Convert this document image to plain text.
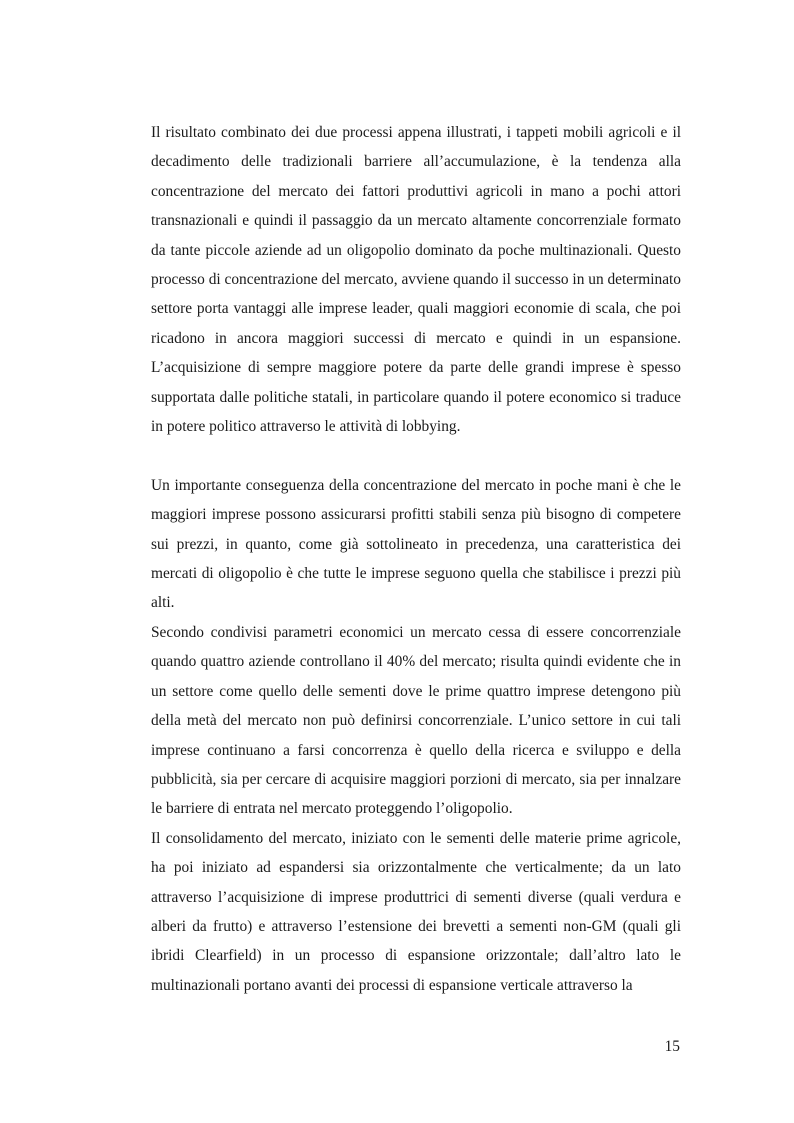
Il risultato combinato dei due processi appena illustrati, i tappeti mobili agricoli e il decadimento delle tradizionali barriere all’accumulazione, è la tendenza alla concentrazione del mercato dei fattori produttivi agricoli in mano a pochi attori transnazionali e quindi il passaggio da un mercato altamente concorrenziale formato da tante piccole aziende ad un oligopolio dominato da poche multinazionali. Questo processo di concentrazione del mercato, avviene quando il successo in un determinato settore porta vantaggi alle imprese leader, quali maggiori economie di scala, che poi ricadono in ancora maggiori successi di mercato e quindi in un espansione. L’acquisizione di sempre maggiore potere da parte delle grandi imprese è spesso supportata dalle politiche statali, in particolare quando il potere economico si traduce in potere politico attraverso le attività di lobbying.

Un importante conseguenza della concentrazione del mercato in poche mani è che le maggiori imprese possono assicurarsi profitti stabili senza più bisogno di competere sui prezzi, in quanto, come già sottolineato in precedenza, una caratteristica dei mercati di oligopolio è che tutte le imprese seguono quella che stabilisce i prezzi più alti.

Secondo condivisi parametri economici un mercato cessa di essere concorrenziale quando quattro aziende controllano il 40% del mercato; risulta quindi evidente che in un settore come quello delle sementi dove le prime quattro imprese detengono più della metà del mercato non può definirsi concorrenziale. L’unico settore in cui tali imprese continuano a farsi concorrenza è quello della ricerca e sviluppo e della pubblicità, sia per cercare di acquisire maggiori porzioni di mercato, sia per innalzare le barriere di entrata nel mercato proteggendo l’oligopolio.

Il consolidamento del mercato, iniziato con le sementi delle materie prime agricole, ha poi iniziato ad espandersi sia orizzontalmente che verticalmente; da un lato attraverso l’acquisizione di imprese produttrici di sementi diverse (quali verdura e alberi da frutto) e attraverso l’estensione dei brevetti a sementi non-GM (quali gli ibridi Clearfield) in un processo di espansione orizzontale; dall’altro lato le multinazionali portano avanti dei processi di espansione verticale attraverso la

15
